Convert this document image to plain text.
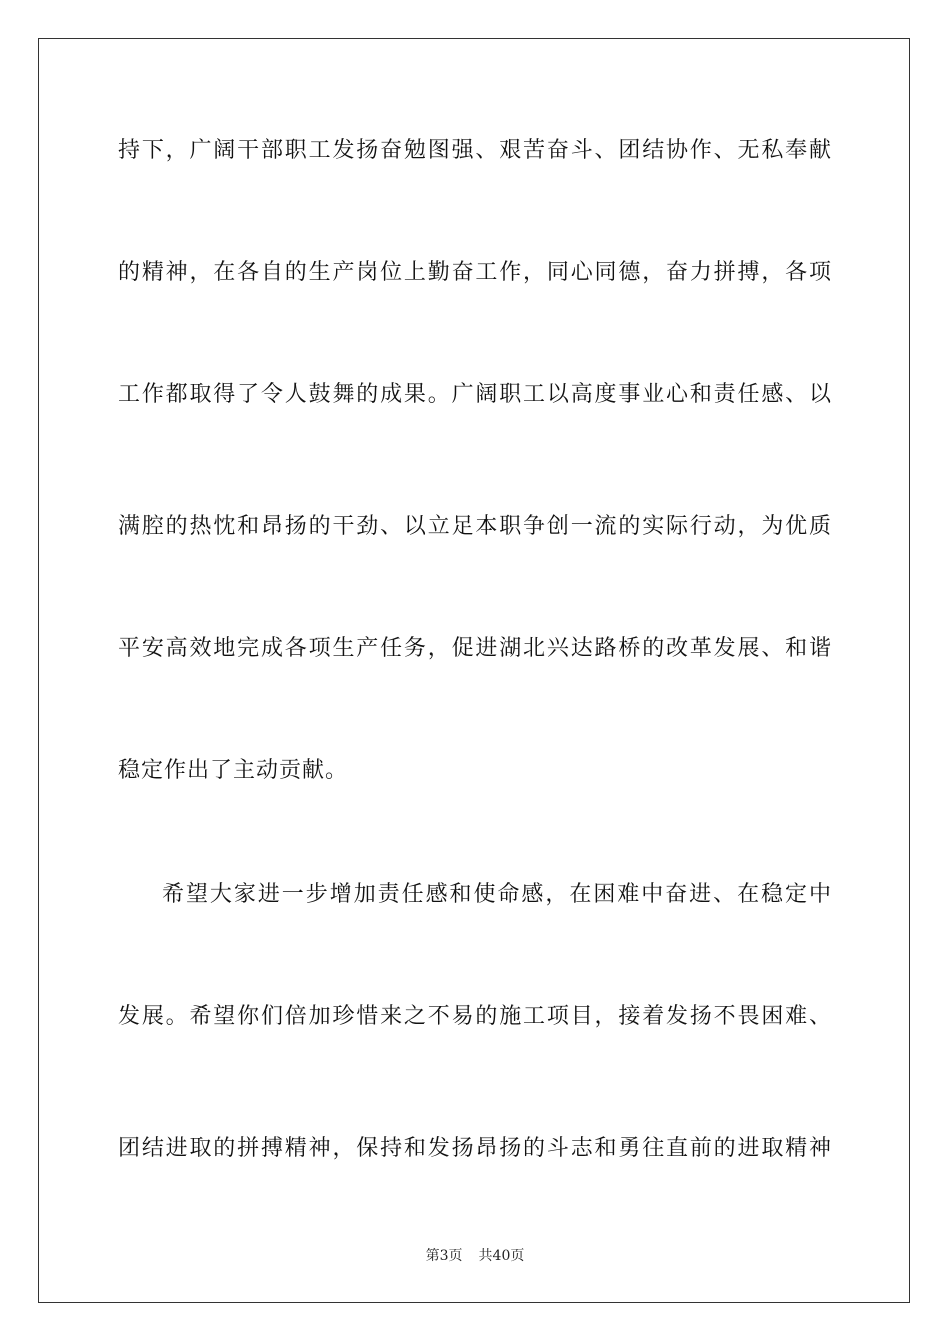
持下，广阔干部职工发扬奋勉图强、艰苦奋斗、团结协作、无私奉献
的精神，在各自的生产岗位上勤奋工作，同心同德，奋力拼搏，各项
工作都取得了令人鼓舞的成果。广阔职工以高度事业心和责任感、以
满腔的热忱和昂扬的干劲、以立足本职争创一流的实际行动，为优质
平安高效地完成各项生产任务，促进湖北兴达路桥的改革发展、和谐
稳定作出了主动贡献。
希望大家进一步增加责任感和使命感，在困难中奋进、在稳定中
发展。希望你们倍加珍惜来之不易的施工项目，接着发扬不畏困难、
团结进取的拼搏精神，保持和发扬昂扬的斗志和勇往直前的进取精神
第3页 共40页
